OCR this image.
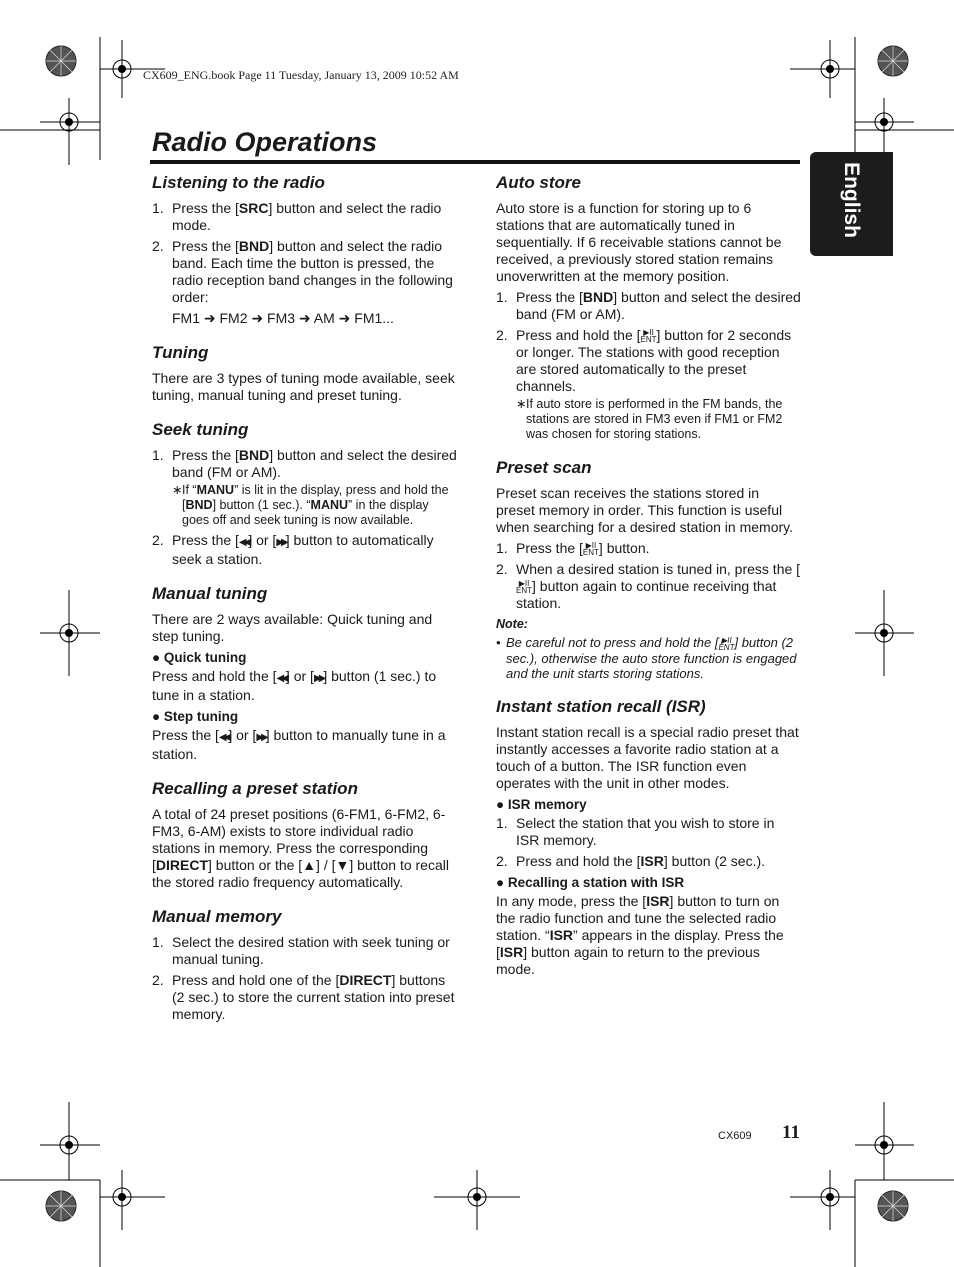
CX609_ENG.book Page 11 Tuesday, January 13, 2009 10:52 AM
Radio Operations
English
Listening to the radio
1. Press the [SRC] button and select the radio mode.
2. Press the [BND] button and select the radio band. Each time the button is pressed, the radio reception band changes in the following order:
FM1 ➜ FM2 ➜ FM3 ➜ AM ➜ FM1...
Tuning

There are 3 types of tuning mode available, seek tuning, manual tuning and preset tuning.

Seek tuning
1. Press the [BND] button and select the desired band (FM or AM).
∗ If “MANU” is lit in the display, press and hold the [BND] button (1 sec.). “MANU” in the display goes off and seek tuning is now available.
2. Press the [◀◀] or [▶▶] button to automatically seek a station.
Manual tuning

There are 2 ways available: Quick tuning and step tuning.

● Quick tuning

Press and hold the [◀◀] or [▶▶] button (1 sec.) to tune in a station.

● Step tuning

Press the [◀◀] or [▶▶] button to manually tune in a station.

Recalling a preset station

A total of 24 preset positions (6-FM1, 6-FM2, 6-FM3, 6-AM) exists to store individual radio stations in memory. Press the corresponding [DIRECT] button or the [▲] / [▼] button to recall the stored radio frequency automatically.

Manual memory
1. Select the desired station with seek tuning or manual tuning.
2. Press and hold one of the [DIRECT] buttons (2 sec.) to store the current station into preset memory.
Auto store

Auto store is a function for storing up to 6 stations that are automatically tuned in sequentially. If 6 receivable stations cannot be received, a previously stored station remains unoverwritten at the memory position.

1. Press the [BND] button and select the desired band (FM or AM).
2. Press and hold the [ ▶II
ENT] button for 2 seconds or longer. The stations with good reception are stored automatically to the preset channels.
∗ If auto store is performed in the FM bands, the stations are stored in FM3 even if FM1 or FM2 was chosen for storing stations.
Preset scan

Preset scan receives the stations stored in preset memory in order. This function is useful when searching for a desired station in memory.

1. Press the [ ▶II
ENT] button.
2. When a desired station is tuned in, press the [▶II
ENT] button again to continue receiving that station.
Note:
• Be careful not to press and hold the [ ▶II
ENT] button (2 sec.), otherwise the auto store function is engaged and the unit starts storing stations.
Instant station recall (ISR)

Instant station recall is a special radio preset that instantly accesses a favorite radio station at a touch of a button. The ISR function even operates with the unit in other modes.

● ISR memory
1. Select the station that you wish to store in ISR memory.
2. Press and hold the [ISR] button (2 sec.).
● Recalling a station with ISR

In any mode, press the [ISR] button to turn on the radio function and tune the selected radio station. “ISR” appears in the display. Press the [ISR] button again to return to the previous mode.

CX609 11
